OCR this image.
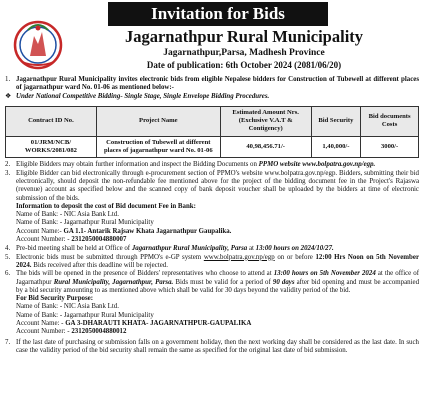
Invitation for Bids
Jagarnathpur Rural Municipality
Jagarnathpur,Parsa, Madhesh Province
Date of publication: 6th October 2024 (2081/06/20)
1. Jagarnathpur Rural Municipality invites electronic bids from eligible Nepalese bidders for Construction of Tubewell at different places of jagarnathpur ward No. 01-06 as mentioned below:-
❖ Under National Competitive Bidding- Single Stage, Single Envelope Bidding Procedures.
Contract ID No.	Project Name	Estimated Amount Nrs.(Exclusive V.A.T & Contigency)	Bid Security	Bid documents Costs
01/JRM/NCB/ WORKS/2081/082	Construction of Tubewell at different places of jagarnathpur ward No. 01-06	40,98,456.71/-	1,40,000/-	3000/-
2. Eligible Bidders may obtain further information and inspect the Bidding Documents on PPMO website www.bolpatra.gov.np/egp.
3. Eligible Bidder can bid electronically through e-procurement section of PPMO's website www.bolpatra.gov.np/egp. Bidders, submitting their bid electronically, should deposit the non-refundable fee mentioned above for the project of the bidding document fee in the Project's Rajaswa (revenue) account as specified below and the scanned copy of bank deposit voucher shall be uploaded by the bidders at time of electronic submission of the bids.
Information to deposit the cost of Bid document Fee in Bank:
Name of Bank: - NIC Asia Bank Ltd.
Name of Bank: - Jagarnathpur Rural Municipality
Account Name:- GA 1.1- Antarik Rajsaw Khata Jagarnathpur Gaupalika.
Account Number: - 2312050004880007
4. Pre-bid meeting shall be held at Office of Jagarnathpur Rural Municipality, Parsa at 13:00 hours on 2024/10/27.
5. Electronic bids must be submitted through PPMO's e-GP system www.bolpatra.gov.np/egp on or before 12:00 Hrs Noon on 5th November 2024. Bids received after this deadline will be rejected.
6. The bids will be opened in the presence of Bidders' representatives who choose to attend at 13:00 hours on 5th November 2024 at the office of Jagarnathpur Rural Municipality, Jagarnathpur, Parsa. Bids must be valid for a period of 90 days after bid opening and must be accompanied by a bid security amounting to as mentioned above which shall be valid for 30 days beyond the validity period of the bid.
For Bid Security Purpose:
Name of Bank: - NIC Asia Bank Ltd.
Name of Bank: - Jagarnathpur Rural Municipality
Account Name: - GA 3-DHARAUTI KHATA- JAGARNATHPUR-GAUPALIKA
Account Number: - 2312050004880012
7. If the last date of purchasing or submission falls on a government holiday, then the next working day shall be considered as the last date. In such case the validity period of the bid security shall remain the same as specified for the original last date of bid submission.
